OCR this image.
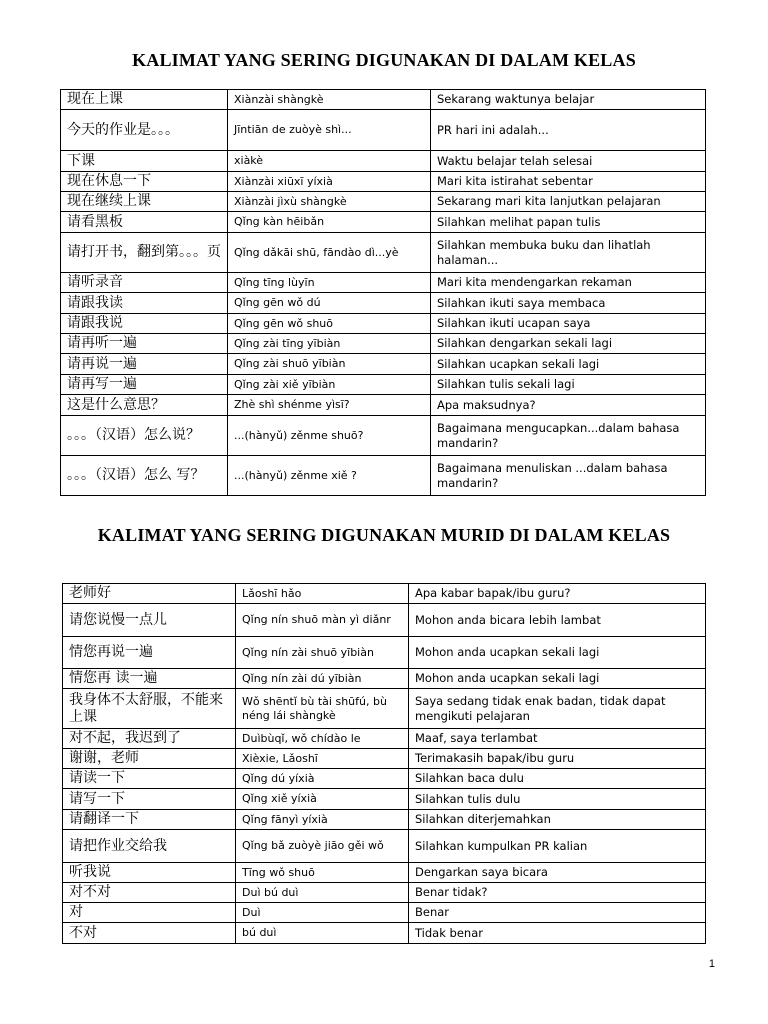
KALIMAT YANG SERING DIGUNAKAN DI DALAM KELAS
现在上课	Xiànzài shàngkè	Sekarang waktunya belajar
今天的作业是。。。	Jīntiān de zuòyè shì...	PR hari ini adalah...
下课	xiàkè	Waktu belajar telah selesai
现在休息一下	Xiànzài xiūxī yíxià	Mari kita istirahat sebentar
现在继续上课	Xiànzài jìxù shàngkè	Sekarang mari kita lanjutkan pelajaran
请看黑板	Qǐng kàn hēibǎn	Silahkan melihat papan tulis
请打开书，翻到第。。。页	Qǐng dǎkāi shū, fāndào dì...yè	Silahkan membuka buku dan lihatlah halaman...
请听录音	Qǐng tīng lùyīn	Mari kita mendengarkan rekaman
请跟我读	Qǐng gēn wǒ dú	Silahkan ikuti saya membaca
请跟我说	Qǐng gēn wǒ shuō	Silahkan ikuti ucapan saya
请再听一遍	Qǐng zài tīng yībiàn	Silahkan dengarkan sekali lagi
请再说一遍	Qǐng zài shuō yībiàn	Silahkan ucapkan sekali lagi
请再写一遍	Qǐng zài xiě yībiàn	Silahkan tulis sekali lagi
这是什么意思？	Zhè shì shénme yìsī?	Apa maksudnya?
。。。（汉语）怎么说？	...(hànyǔ) zěnme shuō?	Bagaimana mengucapkan...dalam bahasa mandarin?
。。。（汉语）怎么 写？	...(hànyǔ) zěnme xiě ?	Bagaimana menuliskan ...dalam bahasa mandarin?
KALIMAT YANG SERING DIGUNAKAN MURID DI DALAM KELAS
老师好	Lǎoshī hǎo	Apa kabar bapak/ibu guru?
请您说慢一点儿	Qǐng nín shuō màn yì diǎnr	Mohon anda bicara lebih lambat
情您再说一遍	Qǐng nín zài shuō yībiàn	Mohon anda ucapkan sekali lagi
情您再 读一遍	Qǐng nín zài dú yībiàn	Mohon anda ucapkan sekali lagi
我身体不太舒服，不能来上课	Wǒ shēntǐ bù tài shūfú, bù néng lái shàngkè	Saya sedang tidak enak badan, tidak dapat mengikuti pelajaran
对不起，我迟到了	Duìbùqǐ, wǒ chídào le	Maaf, saya terlambat
谢谢，老师	Xièxie, Lǎoshī	Terimakasih bapak/ibu guru
请读一下	Qǐng dú yíxià	Silahkan baca dulu
请写一下	Qǐng xiě yíxià	Silahkan tulis dulu
请翻译一下	Qǐng fānyì yíxià	Silahkan diterjemahkan
请把作业交给我	Qǐng bǎ zuòyè jiāo gěi wǒ	Silahkan kumpulkan PR kalian
听我说	Tīng wǒ shuō	Dengarkan saya bicara
对不对	Duì bú duì	Benar tidak?
对	Duì	Benar
不对	bú duì	Tidak benar
1
